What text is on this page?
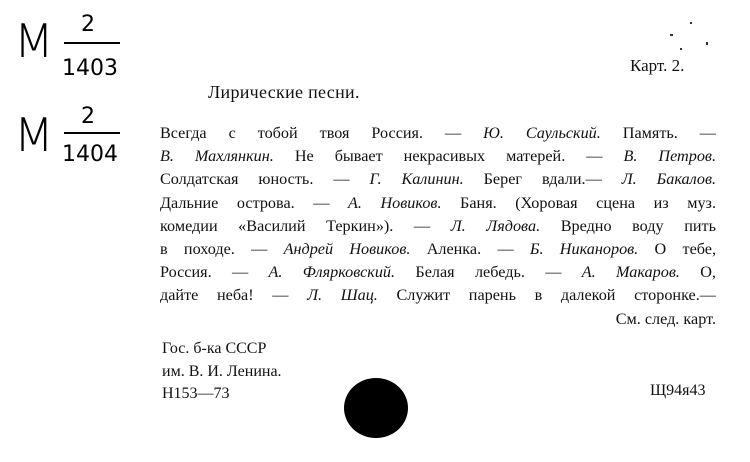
M	2
1403
M	2
1404
Карт. 2.
Лирические песни.
Всегда с тобой твоя Россия. — Ю. Саульский. Память. —
В. Махлянкин. Не бывает некрасивых матерей. — В. Петров.
Солдатская юность. — Г. Калинин. Берег вдали.— Л. Бакалов.
Дальние острова. — А. Новиков. Баня. (Хоровая сцена из муз.
комедии «Василий Теркин»). — Л. Лядова. Вредно воду пить
в походе. — Андрей Новиков. Аленка. — Б. Никаноров. О тебе,
Россия. — А. Флярковский. Белая лебедь. — А. Макаров. О,
дайте неба! — Л. Шац. Служит парень в далекой сторонке.—
См. след. карт.
Гос. б-ка СССР
им. В. И. Ленина.
Н153—73	Щ94я43
